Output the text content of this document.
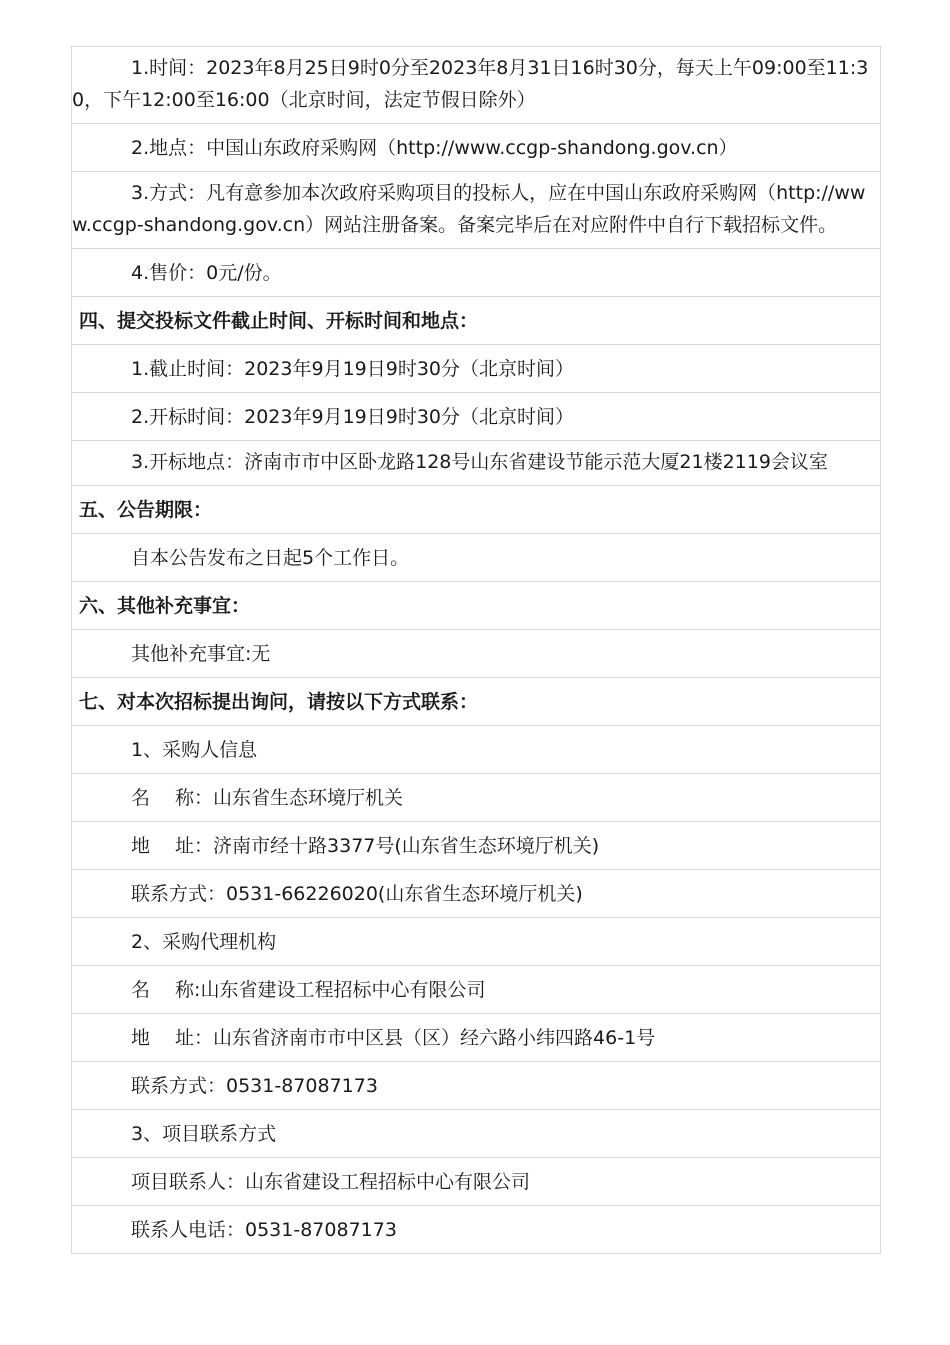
1.时间：2023年8月25日9时0分至2023年8月31日16时30分，每天上午09:00至11:30，下午12:00至16:00（北京时间，法定节假日除外）
2.地点：中国山东政府采购网（http://www.ccgp-shandong.gov.cn）
3.方式：凡有意参加本次政府采购项目的投标人，应在中国山东政府采购网（http://www.ccgp-shandong.gov.cn）网站注册备案。备案完毕后在对应附件中自行下载招标文件。
4.售价：0元/份。
四、提交投标文件截止时间、开标时间和地点：
1.截止时间：2023年9月19日9时30分（北京时间）
2.开标时间：2023年9月19日9时30分（北京时间）
3.开标地点：济南市市中区卧龙路128号山东省建设节能示范大厦21楼2119会议室
五、公告期限：
自本公告发布之日起5个工作日。
六、其他补充事宜：
其他补充事宜:无
七、对本次招标提出询问，请按以下方式联系：
1、采购人信息
名　 称：山东省生态环境厅机关
地　 址：济南市经十路3377号(山东省生态环境厅机关)
联系方式：0531-66226020(山东省生态环境厅机关)
2、采购代理机构
名　 称:山东省建设工程招标中心有限公司
地　 址：山东省济南市市中区县（区）经六路小纬四路46-1号
联系方式：0531-87087173
3、项目联系方式
项目联系人：山东省建设工程招标中心有限公司
联系人电话：0531-87087173
